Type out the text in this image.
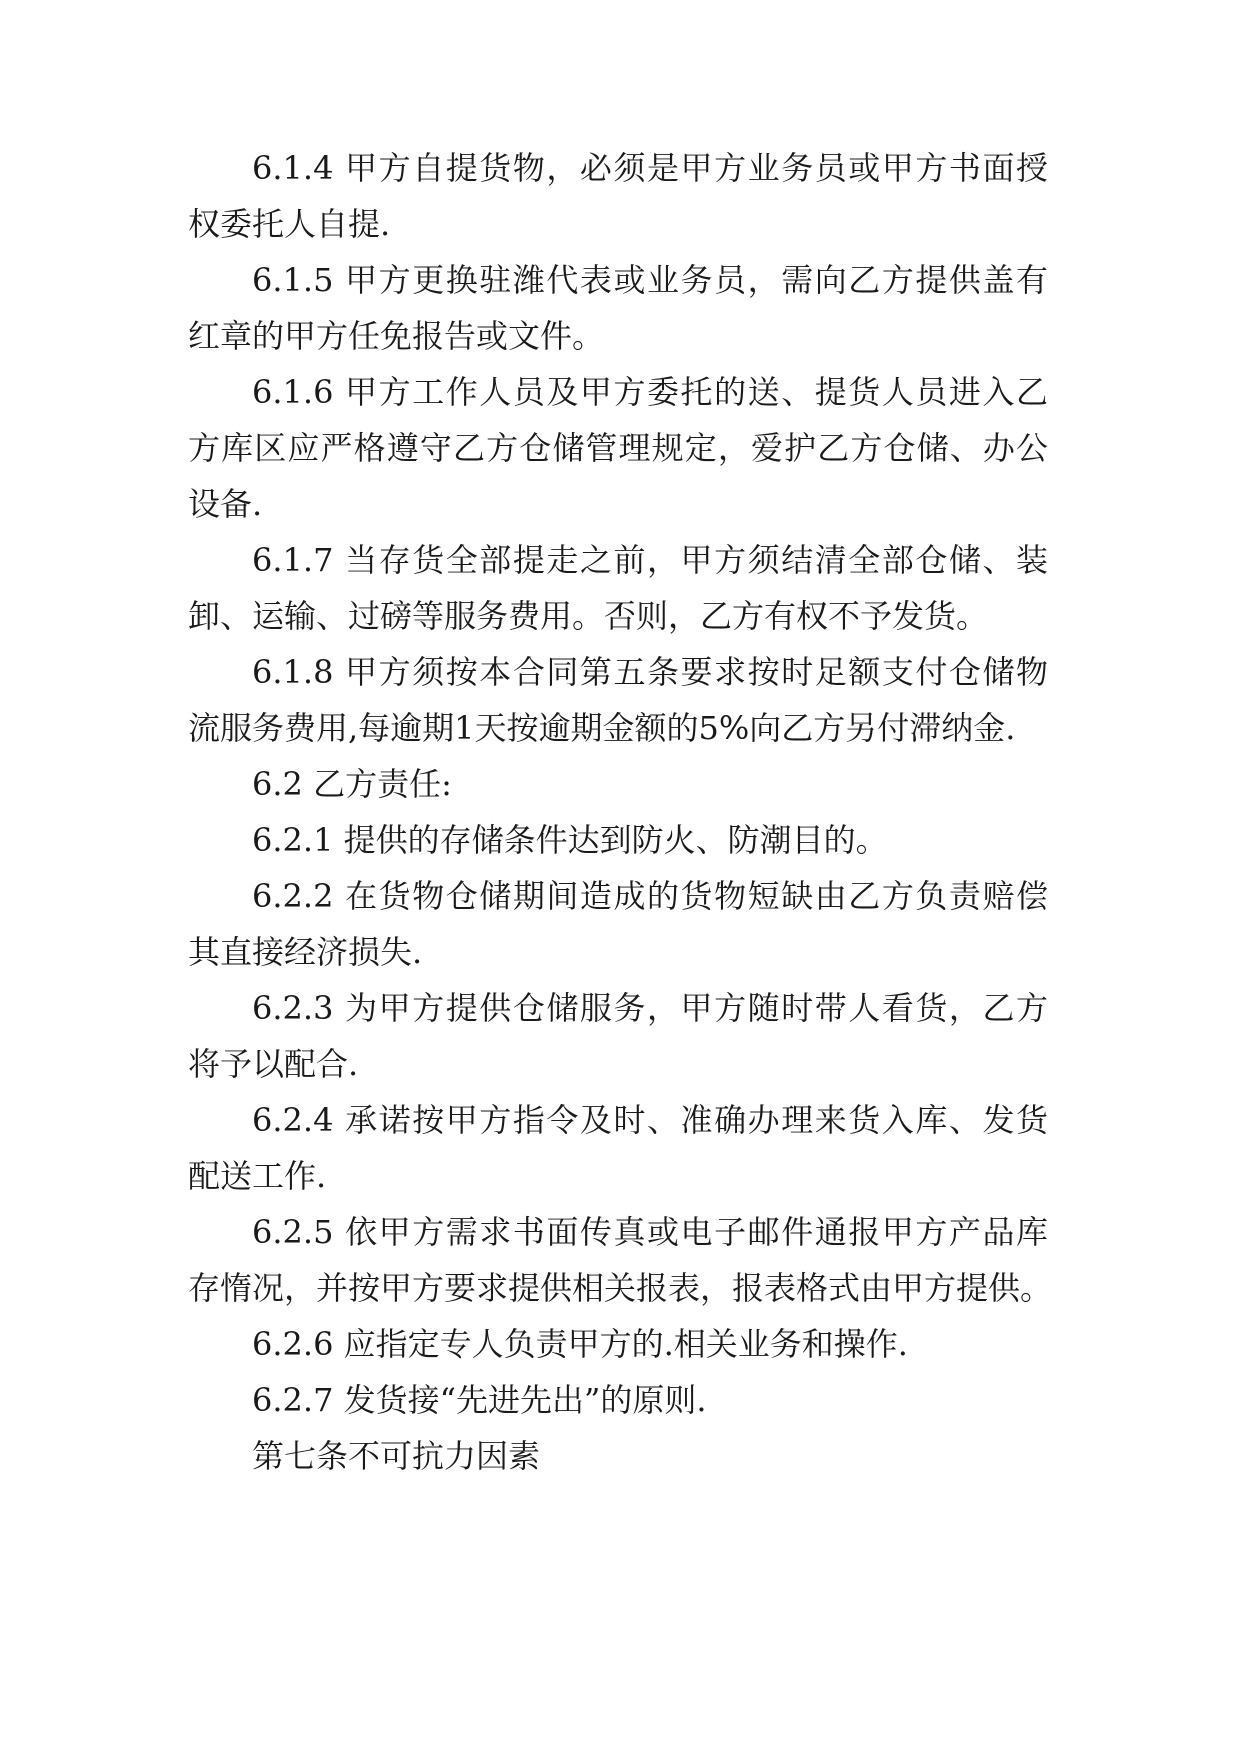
6.1.4 甲方自提货物，必须是甲方业务员或甲方书面授
权委托人自提.
6.1.5 甲方更换驻潍代表或业务员，需向乙方提供盖有
红章的甲方任免报告或文件。
6.1.6 甲方工作人员及甲方委托的送、提货人员进入乙
方库区应严格遵守乙方仓储管理规定，爱护乙方仓储、办公
设备.
6.1.7 当存货全部提走之前，甲方须结清全部仓储、装
卸、运输、过磅等服务费用。否则，乙方有权不予发货。
6.1.8 甲方须按本合同第五条要求按时足额支付仓储物
流服务费用,每逾期1天按逾期金额的5%向乙方另付滞纳金.
6.2 乙方责任:
6.2.1 提供的存储条件达到防火、防潮目的。
6.2.2 在货物仓储期间造成的货物短缺由乙方负责赔偿
其直接经济损失.
6.2.3 为甲方提供仓储服务，甲方随时带人看货，乙方
将予以配合.
6.2.4 承诺按甲方指令及时、准确办理来货入库、发货
配送工作.
6.2.5 依甲方需求书面传真或电子邮件通报甲方产品库
存惰况，并按甲方要求提供相关报表，报表格式由甲方提供。
6.2.6 应指定专人负责甲方的.相关业务和操作.
6.2.7 发货接“先进先出”的原则.
第七条不可抗力因素
